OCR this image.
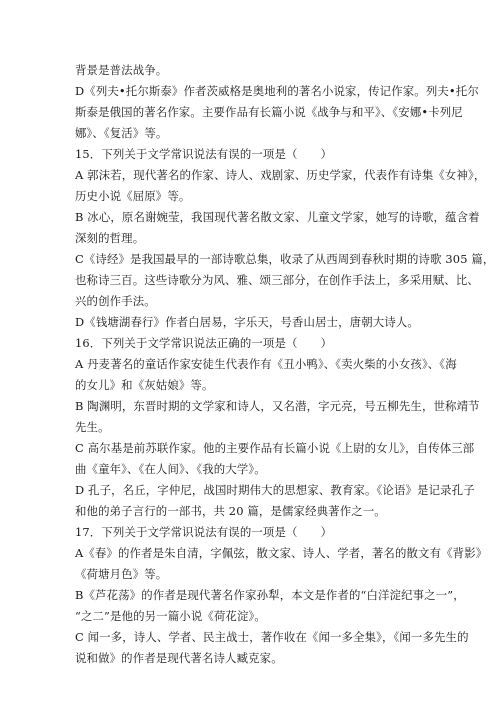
背景是普法战争。
D《列夫•托尔斯泰》作者茨威格是奥地利的著名小说家，传记作家。列夫•托尔
斯泰是俄国的著名作家。主要作品有长篇小说《战争与和平》、《安娜•卡列尼
娜》、《复活》等。
15．下列关于文学常识说法有误的一项是（　　）
A 郭沫若，现代著名的作家、诗人、戏剧家、历史学家，代表作有诗集《女神》，
历史小说《屈原》等。
B 冰心，原名谢婉莹，我国现代著名散文家、儿童文学家，她写的诗歌，蕴含着
深刻的哲理。
C《诗经》是我国最早的一部诗歌总集，收录了从西周到春秋时期的诗歌 305 篇，
也称诗三百。这些诗歌分为风、雅、颂三部分，在创作手法上，多采用赋、比、
兴的创作手法。
D《钱塘湖春行》作者白居易，字乐天，号香山居士，唐朝大诗人。
16．下列关于文学常识说法正确的一项是（　　）
A 丹麦著名的童话作家安徒生代表作有《丑小鸭》、《卖火柴的小女孩》、《海
的女儿》和《灰姑娘》等。
B 陶渊明，东晋时期的文学家和诗人，又名潜，字元亮，号五柳先生，世称靖节
先生。
C 高尔基是前苏联作家。他的主要作品有长篇小说《上尉的女儿》，自传体三部
曲《童年》、《在人间》、《我的大学》。
D 孔子，名丘，字仲尼，战国时期伟大的思想家、教育家。《论语》是记录孔子
和他的弟子言行的一部书，共 20 篇，是儒家经典著作之一。
17．下列关于文学常识说法有误的一项是（　　）
A《春》的作者是朱自清，字佩弦，散文家、诗人、学者，著名的散文有《背影》
《荷塘月色》等。
B《芦花荡》的作者是现代著名作家孙犁，本文是作者的“白洋淀纪事之一”，
“之二”是他的另一篇小说《荷花淀》。
C 闻一多，诗人、学者、民主战士，著作收在《闻一多全集》，《闻一多先生的
说和做》的作者是现代著名诗人臧克家。
